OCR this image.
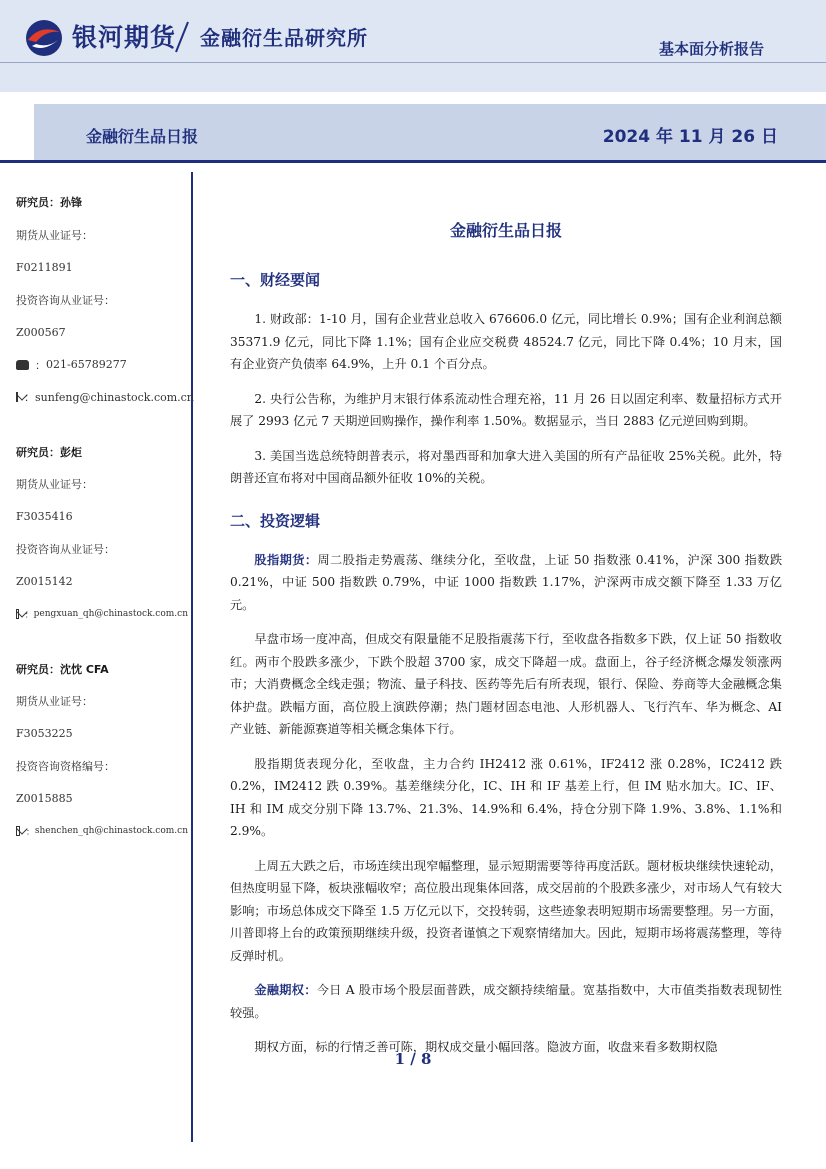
银河期货 金融衍生品研究所	基本面分析报告
金融衍生品日报	2024 年 11 月 26 日
研究员：孙锋
期货从业证号：
F0211891
投资咨询从业证号：
Z000567
： 021-65789277
： sunfeng@chinastock.com.cn
研究员：彭炬
期货从业证号：
F3035416
投资咨询从业证号：
Z0015142
： pengxuan_qh@chinastock.com.cn
研究员：沈忱 CFA
期货从业证号：
F3053225
投资咨询资格编号：
Z0015885
： shenchen_qh@chinastock.com.cn
金融衍生品日报
一、财经要闻

1. 财政部：1-10 月，国有企业营业总收入 676606.0 亿元，同比增长 0.9%；国有企业利润总额 35371.9 亿元，同比下降 1.1%；国有企业应交税费 48524.7 亿元，同比下降 0.4%；10 月末，国有企业资产负债率 64.9%，上升 0.1 个百分点。

2. 央行公告称，为维护月末银行体系流动性合理充裕，11 月 26 日以固定利率、数量招标方式开展了 2993 亿元 7 天期逆回购操作，操作利率 1.50%。数据显示，当日 2883 亿元逆回购到期。

3. 美国当选总统特朗普表示，将对墨西哥和加拿大进入美国的所有产品征收 25%关税。此外，特朗普还宣布将对中国商品额外征收 10%的关税。

二、投资逻辑

股指期货：周二股指走势震荡、继续分化，至收盘，上证 50 指数涨 0.41%，沪深 300 指数跌 0.21%，中证 500 指数跌 0.79%，中证 1000 指数跌 1.17%，沪深两市成交额下降至 1.33 万亿元。

早盘市场一度冲高，但成交有限量能不足股指震荡下行，至收盘各指数多下跌，仅上证 50 指数收红。两市个股跌多涨少，下跌个股超 3700 家，成交下降超一成。盘面上，谷子经济概念爆发领涨两市；大消费概念全线走强；物流、量子科技、医药等先后有所表现，银行、保险、券商等大金融概念集体护盘。跌幅方面，高位股上演跌停潮；热门题材固态电池、人形机器人、飞行汽车、华为概念、AI 产业链、新能源赛道等相关概念集体下行。

股指期货表现分化，至收盘，主力合约 IH2412 涨 0.61%，IF2412 涨 0.28%，IC2412 跌 0.2%，IM2412 跌 0.39%。基差继续分化，IC、IH 和 IF 基差上行，但 IM 贴水加大。IC、IF、IH 和 IM 成交分别下降 13.7%、21.3%、14.9%和 6.4%，持仓分别下降 1.9%、3.8%、1.1%和 2.9%。

上周五大跌之后，市场连续出现窄幅整理，显示短期需要等待再度活跃。题材板块继续快速轮动，但热度明显下降，板块涨幅收窄；高位股出现集体回落，成交居前的个股跌多涨少，对市场人气有较大影响；市场总体成交下降至 1.5 万亿元以下，交投转弱，这些迹象表明短期市场需要整理。另一方面，川普即将上台的政策预期继续升级，投资者谨慎之下观察情绪加大。因此，短期市场将震荡整理，等待反弹时机。

金融期权：今日 A 股市场个股层面普跌，成交额持续缩量。宽基指数中，大市值类指数表现韧性较强。

期权方面，标的行情乏善可陈，期权成交量小幅回落。隐波方面，收盘来看多数期权隐

1 / 8
